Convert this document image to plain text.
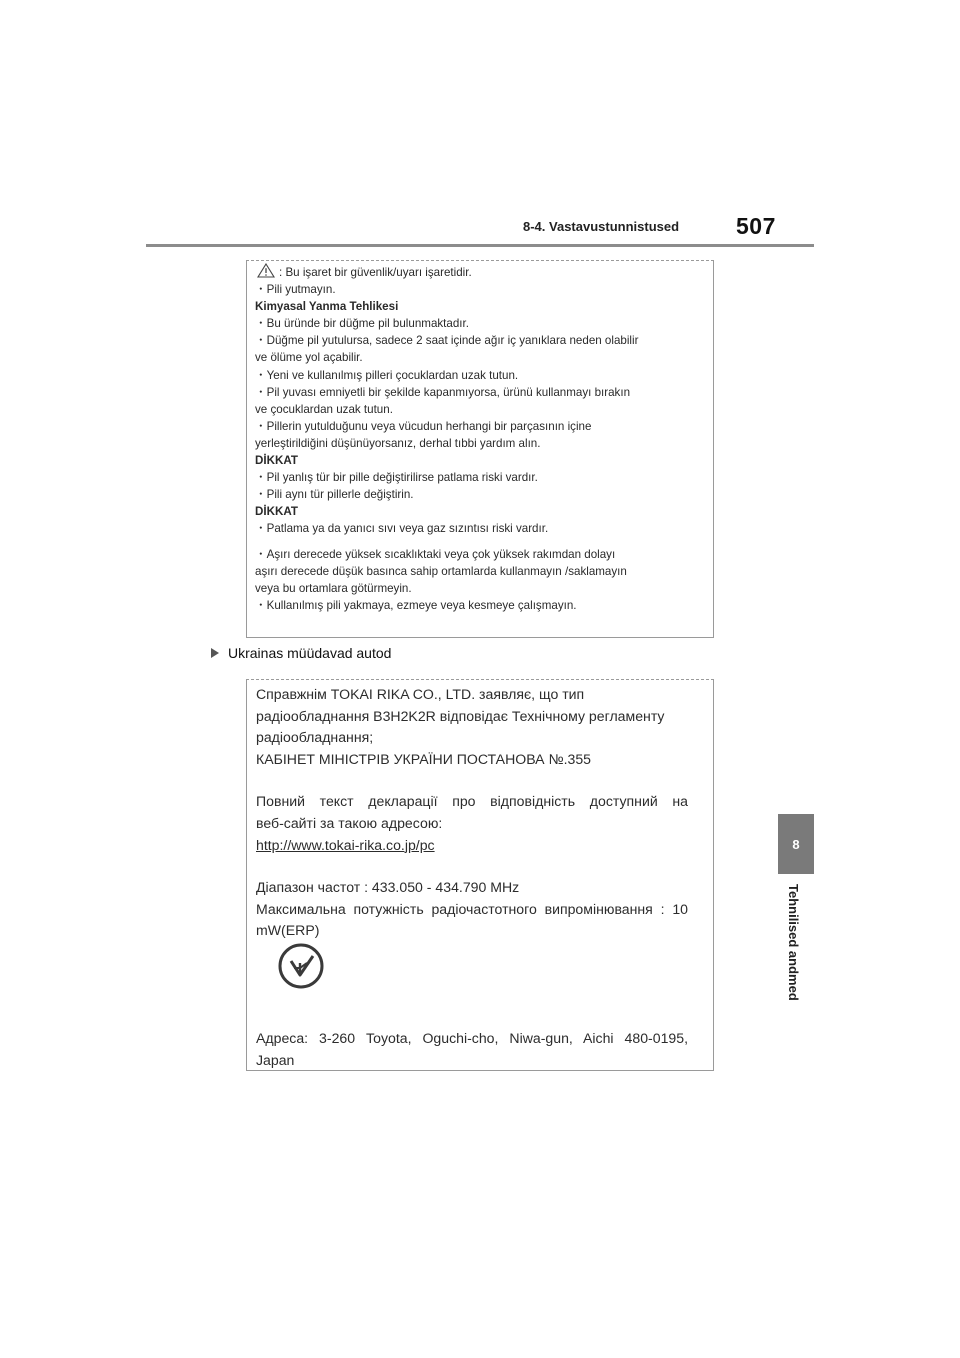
8-4. Vastavustunnistused 507
8
Tehnilised andmed
: Bu işaret bir güvenlik/uyarı işaretidir.
・Pili yutmayın.
Kimyasal Yanma Tehlikesi
・Bu üründe bir düğme pil bulunmaktadır.
・Düğme pil yutulursa, sadece 2 saat içinde ağır iç yanıklara neden olabilir
ve ölüme yol açabilir.
・Yeni ve kullanılmış pilleri çocuklardan uzak tutun.
・Pil yuvası emniyetli bir şekilde kapanmıyorsa, ürünü kullanmayı bırakın
ve çocuklardan uzak tutun.
・Pillerin yutulduğunu veya vücudun herhangi bir parçasının içine
yerleştirildiğini düşünüyorsanız, derhal tıbbi yardım alın.
DİKKAT
・Pil yanlış tür bir pille değiştirilirse patlama riski vardır.
・Pili aynı tür pillerle değiştirin.
DİKKAT
・Patlama ya da yanıcı sıvı veya gaz sızıntısı riski vardır.
・Aşırı derecede yüksek sıcaklıktaki veya çok yüksek rakımdan dolayı
aşırı derecede düşük basınca sahip ortamlarda kullanmayın /saklamayın
veya bu ortamlara götürmeyin.
・Kullanılmış pili yakmaya, ezmeye veya kesmeye çalışmayın.
Ukrainas müüdavad autod
Справжнім TOKAI RIKA CO., LTD. заявляє, що тип
радіообладнання B3H2K2R відповідає Технічному регламенту
радіообладнання;
КАБІНЕТ МІНІСТРІВ УКРАЇНИ ПОСТАНОВА №.355
Повний текст декларації про відповідність доступний на
веб-сайті за такою адресою:
http://www.tokai-rika.co.jp/pc
Діапазон частот : 433.050 - 434.790 MHz
Максимальна потужність радіочастотного випромінювання : 10
mW(ERP)
Адреса: 3-260 Toyota, Oguchi-cho, Niwa-gun, Aichi 480-0195,
Japan
